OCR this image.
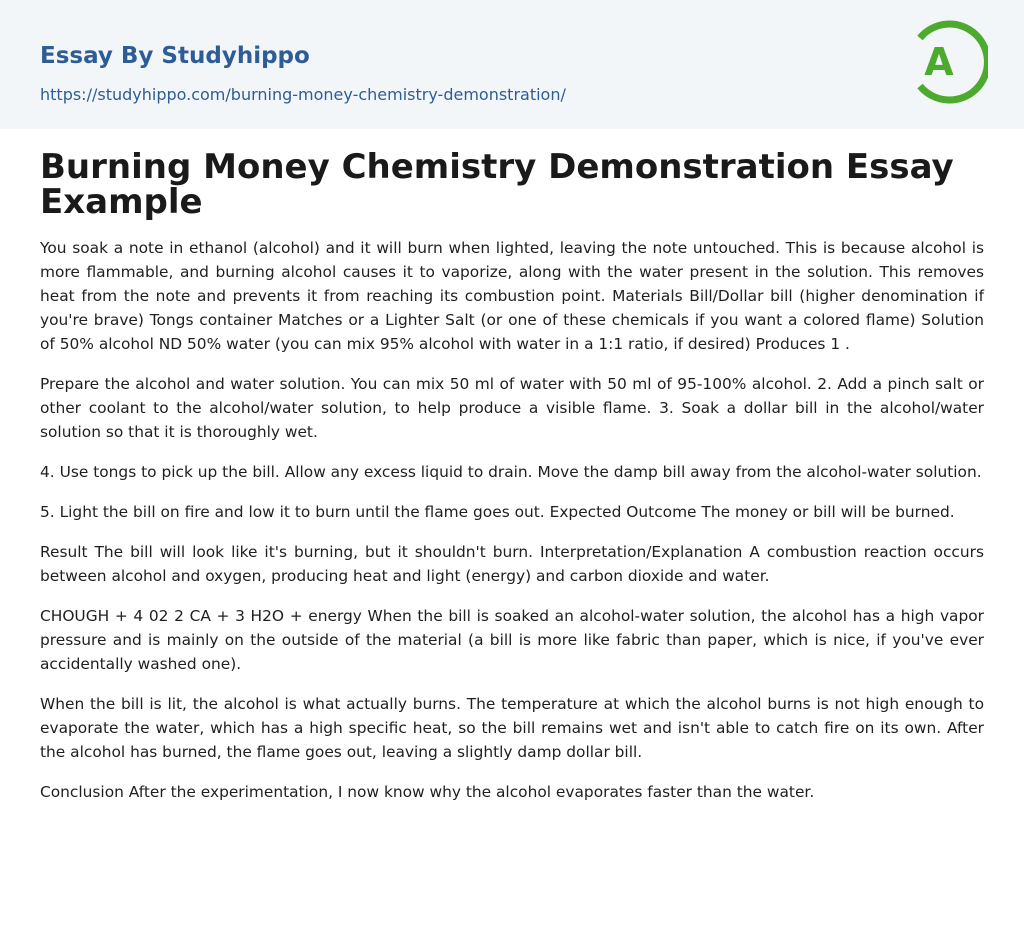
Essay By Studyhippo
https://studyhippo.com/burning-money-chemistry-demonstration/
A
Burning Money Chemistry Demonstration Essay Example

You soak a note in ethanol (alcohol) and it will burn when lighted, leaving the note untouched. This is because alcohol is more flammable, and burning alcohol causes it to vaporize, along with the water present in the solution. This removes heat from the note and prevents it from reaching its combustion point. Materials Bill/Dollar bill (higher denomination if you're brave) Tongs container Matches or a Lighter Salt (or one of these chemicals if you want a colored flame) Solution of 50% alcohol ND 50% water (you can mix 95% alcohol with water in a 1:1 ratio, if desired) Produces 1 .

Prepare the alcohol and water solution. You can mix 50 ml of water with 50 ml of 95-100% alcohol. 2. Add a pinch salt or other coolant to the alcohol/water solution, to help produce a visible flame. 3. Soak a dollar bill in the alcohol/water solution so that it is thoroughly wet.

4. Use tongs to pick up the bill. Allow any excess liquid to drain. Move the damp bill away from the alcohol-water solution.

5. Light the bill on fire and low it to burn until the flame goes out. Expected Outcome The money or bill will be burned.

Result The bill will look like it's burning, but it shouldn't burn. Interpretation/Explanation A combustion reaction occurs between alcohol and oxygen, producing heat and light (energy) and carbon dioxide and water.

CHOUGH + 4 02 2 CA + 3 H2O + energy When the bill is soaked an alcohol-water solution, the alcohol has a high vapor pressure and is mainly on the outside of the material (a bill is more like fabric than paper, which is nice, if you've ever accidentally washed one).

When the bill is lit, the alcohol is what actually burns. The temperature at which the alcohol burns is not high enough to evaporate the water, which has a high specific heat, so the bill remains wet and isn't able to catch fire on its own. After the alcohol has burned, the flame goes out, leaving a slightly damp dollar bill.

Conclusion After the experimentation, I now know why the alcohol evaporates faster than the water.
